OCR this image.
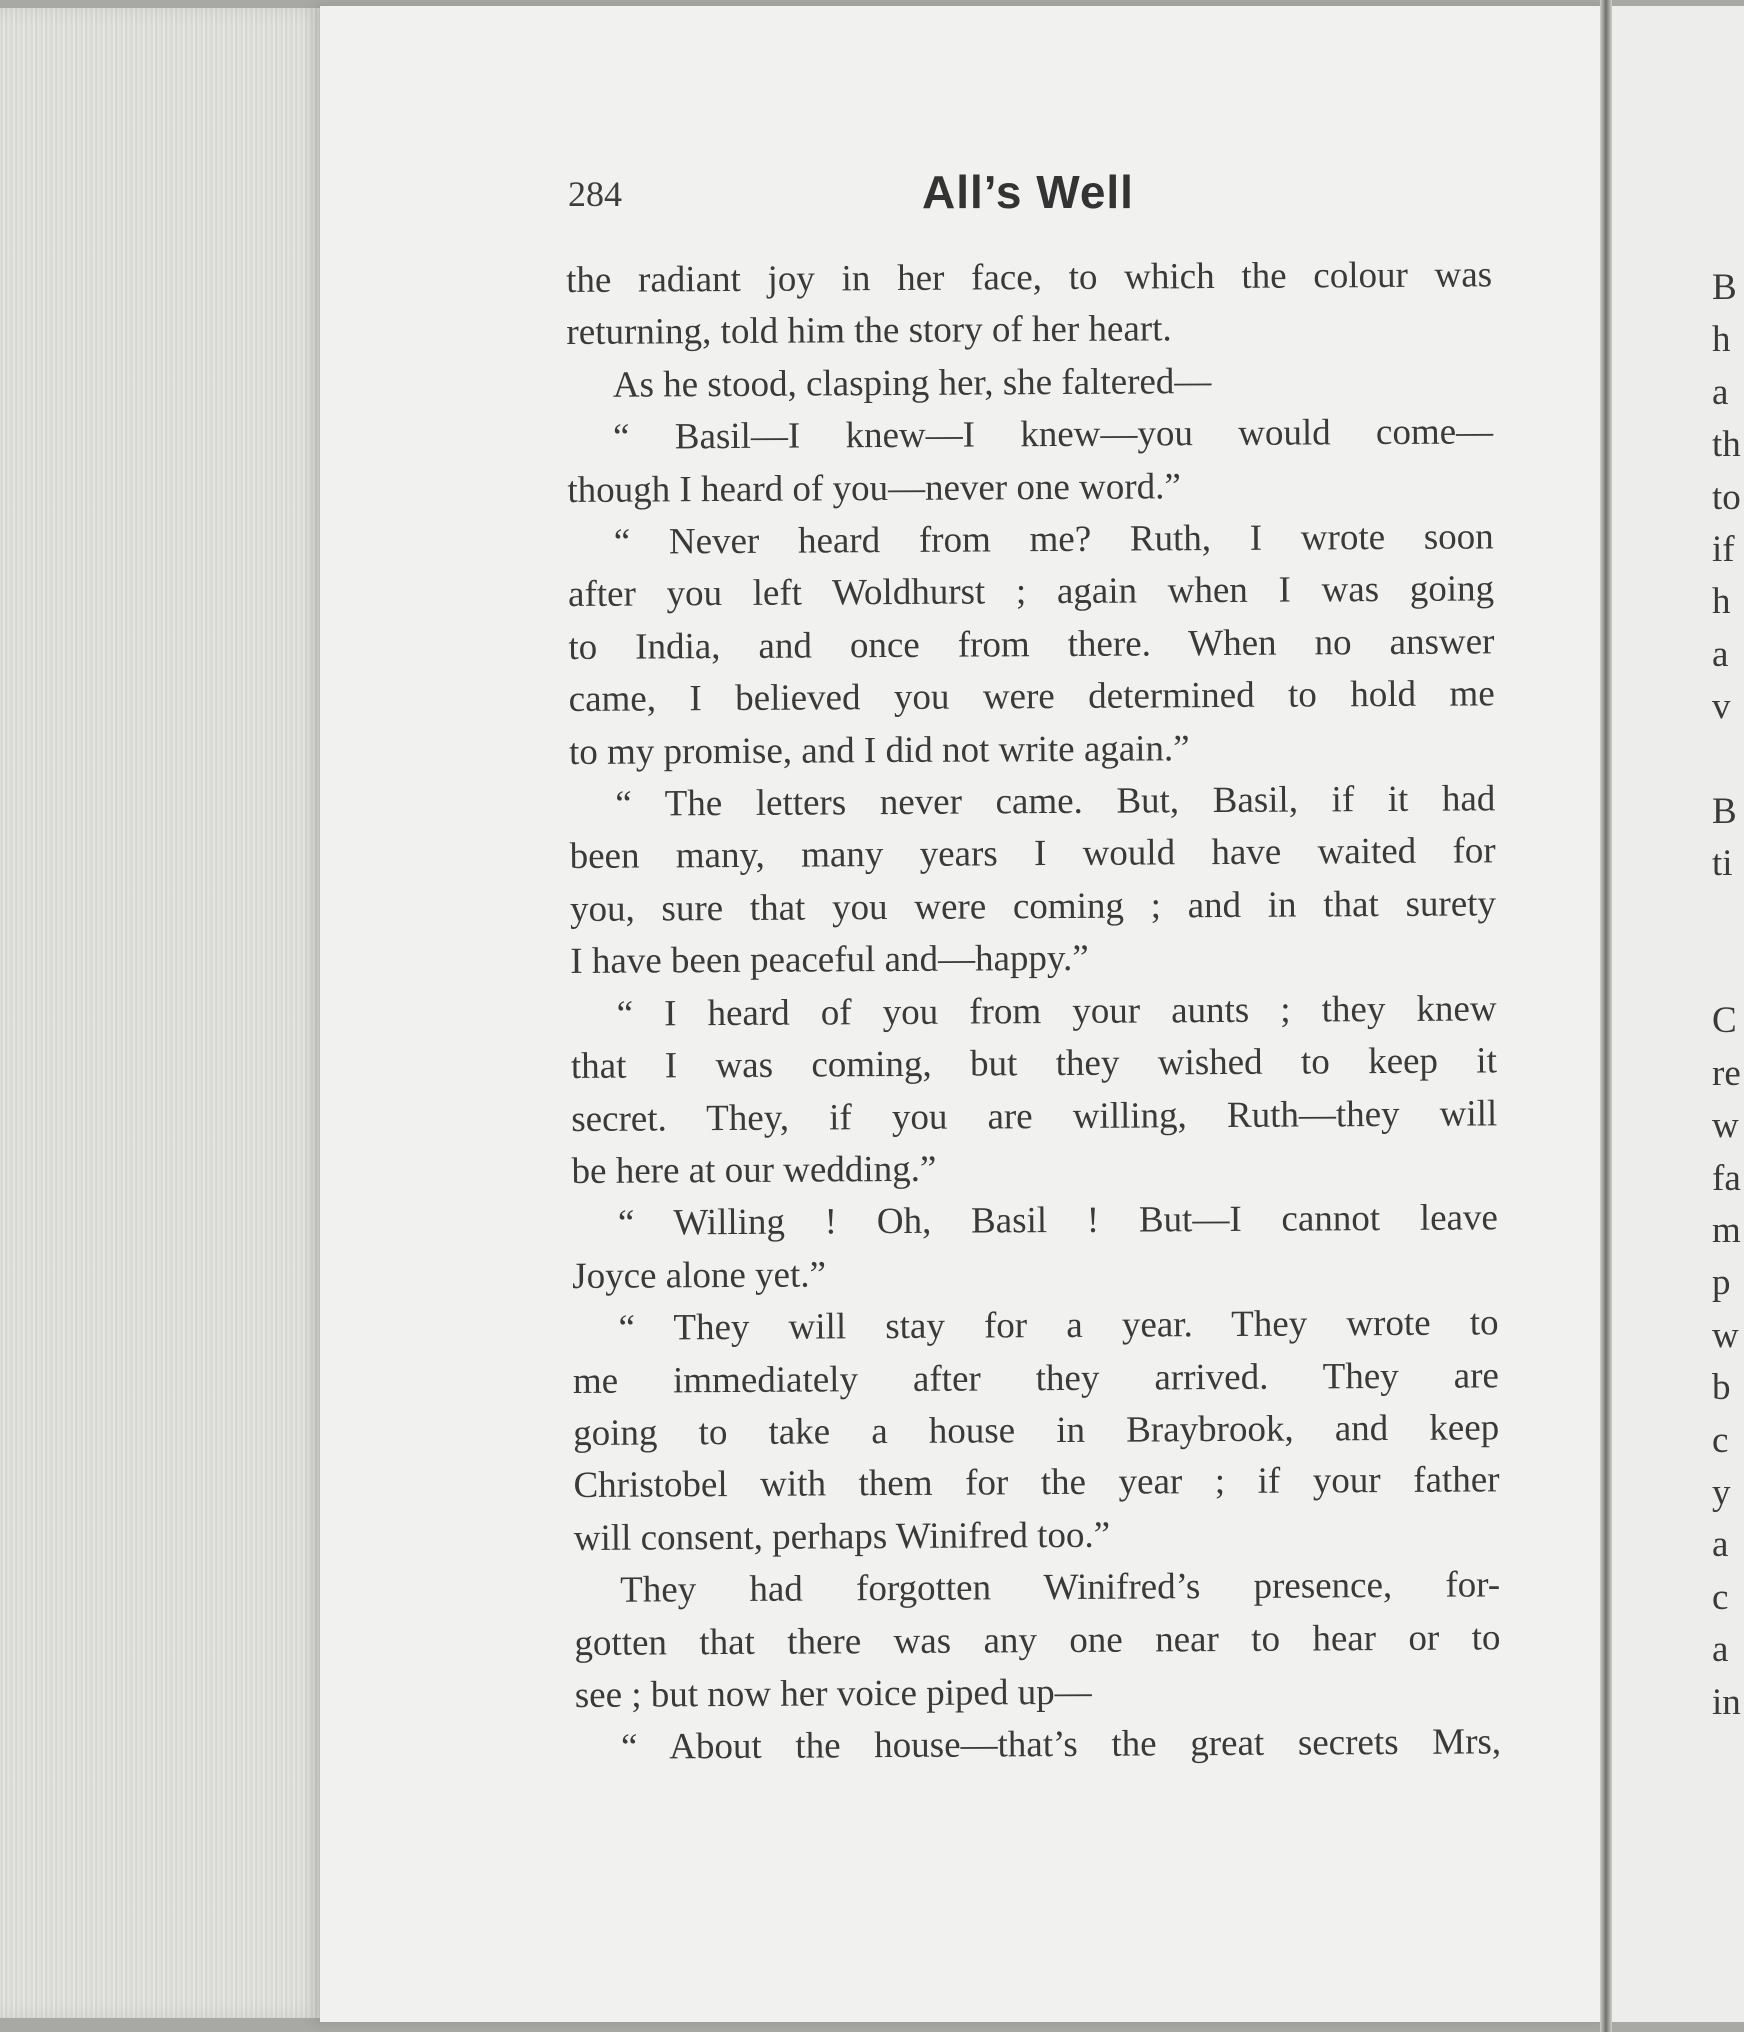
284	All’s Well
the radiant joy in her face, to which the colour was
returning, told him the story of her heart.
As he stood, clasping her, she faltered—
“ Basil—I knew—I knew—you would come—
though I heard of you—never one word.”
“ Never heard from me? Ruth, I wrote soon
after you left Woldhurst ; again when I was going
to India, and once from there. When no answer
came, I believed you were determined to hold me
to my promise, and I did not write again.”
“ The letters never came. But, Basil, if it had
been many, many years I would have waited for
you, sure that you were coming ; and in that surety
I have been peaceful and—happy.”
“ I heard of you from your aunts ; they knew
that I was coming, but they wished to keep it
secret. They, if you are willing, Ruth—they will
be here at our wedding.”
“ Willing ! Oh, Basil ! But—I cannot leave
Joyce alone yet.”
“ They will stay for a year. They wrote to
me immediately after they arrived. They are
going to take a house in Braybrook, and keep
Christobel with them for the year ; if your father
will consent, perhaps Winifred too.”
They had forgotten Winifred’s presence, for-
gotten that there was any one near to hear or to
see ; but now her voice piped up—
“ About the house—that’s the great secrets Mrs,
B
h
a
th
to
if
h
a
v
B
ti
C
re
w
fa
m
p
w
b
c
y
a
c
a
in
